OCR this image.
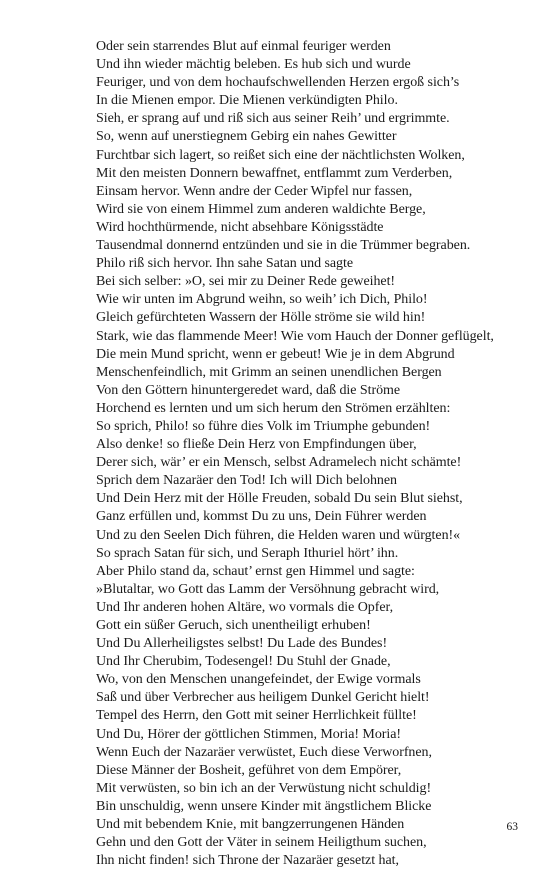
Oder sein starrendes Blut auf einmal feuriger werden
Und ihn wieder mächtig beleben. Es hub sich und wurde
Feuriger, und von dem hochaufschwellenden Herzen ergoß sich’s
In die Mienen empor. Die Mienen verkündigten Philo.
Sieh, er sprang auf und riß sich aus seiner Reih’ und ergrimmte.
So, wenn auf unerstiegnem Gebirg ein nahes Gewitter
Furchtbar sich lagert, so reißet sich eine der nächtlichsten Wolken,
Mit den meisten Donnern bewaffnet, entflammt zum Verderben,
Einsam hervor. Wenn andre der Ceder Wipfel nur fassen,
Wird sie von einem Himmel zum anderen waldichte Berge,
Wird hochthürmende, nicht absehbare Königsstädte
Tausendmal donnernd entzünden und sie in die Trümmer begraben.
Philo riß sich hervor. Ihn sahe Satan und sagte
Bei sich selber: »O, sei mir zu Deiner Rede geweihet!
Wie wir unten im Abgrund weihn, so weih’ ich Dich, Philo!
Gleich gefürchteten Wassern der Hölle ströme sie wild hin!
Stark, wie das flammende Meer! Wie vom Hauch der Donner geflügelt,
Die mein Mund spricht, wenn er gebeut! Wie je in dem Abgrund
Menschenfeindlich, mit Grimm an seinen unendlichen Bergen
Von den Göttern hinuntergeredet ward, daß die Ströme
Horchend es lernten und um sich herum den Strömen erzählten:
So sprich, Philo! so führe dies Volk im Triumphe gebunden!
Also denke! so fließe Dein Herz von Empfindungen über,
Derer sich, wär’ er ein Mensch, selbst Adramelech nicht schämte!
Sprich dem Nazaräer den Tod! Ich will Dich belohnen
Und Dein Herz mit der Hölle Freuden, sobald Du sein Blut siehst,
Ganz erfüllen und, kommst Du zu uns, Dein Führer werden
Und zu den Seelen Dich führen, die Helden waren und würgten!«
So sprach Satan für sich, und Seraph Ithuriel hört’ ihn.
Aber Philo stand da, schaut’ ernst gen Himmel und sagte:
»Blutaltar, wo Gott das Lamm der Versöhnung gebracht wird,
Und Ihr anderen hohen Altäre, wo vormals die Opfer,
Gott ein süßer Geruch, sich unentheiligt erhuben!
Und Du Allerheiligstes selbst! Du Lade des Bundes!
Und Ihr Cherubim, Todesengel! Du Stuhl der Gnade,
Wo, von den Menschen unangefeindet, der Ewige vormals
Saß und über Verbrecher aus heiligem Dunkel Gericht hielt!
Tempel des Herrn, den Gott mit seiner Herrlichkeit füllte!
Und Du, Hörer der göttlichen Stimmen, Moria! Moria!
Wenn Euch der Nazaräer verwüstet, Euch diese Verworfnen,
Diese Männer der Bosheit, geführet von dem Empörer,
Mit verwüsten, so bin ich an der Verwüstung nicht schuldig!
Bin unschuldig, wenn unsere Kinder mit ängstlichem Blicke
Und mit bebendem Knie, mit bangzerrungenen Händen
Gehn und den Gott der Väter in seinem Heiligthum suchen,
Ihn nicht finden! sich Throne der Nazaräer gesetzt hat,
63
